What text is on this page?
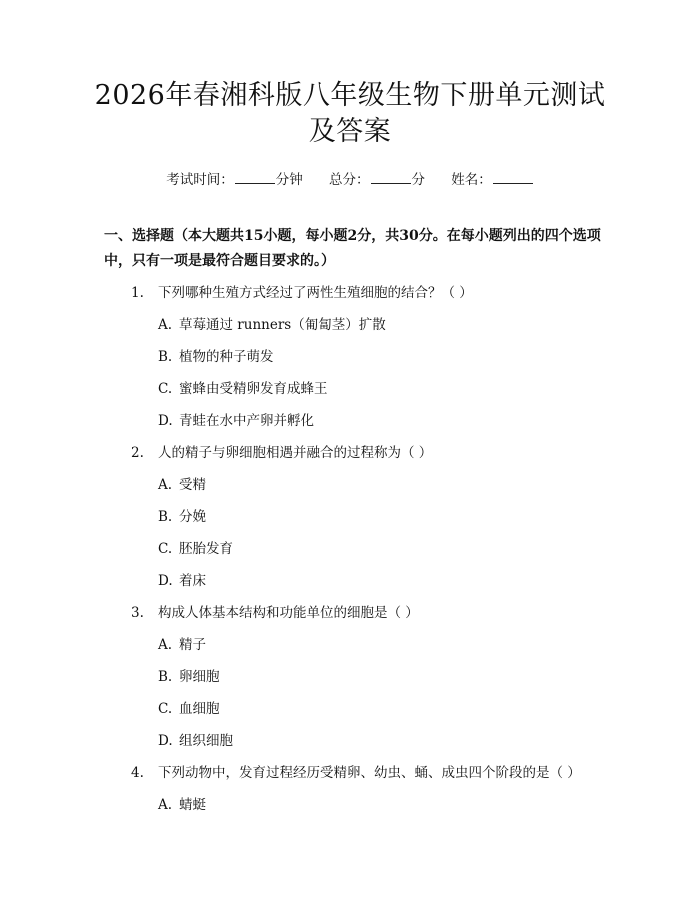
2026年春湘科版八年级生物下册单元测试及答案
考试时间：	分钟 总分：	分 姓名：
一、选择题（本大题共15小题，每小题2分，共30分。在每小题列出的四个选项中，只有一项是最符合题目要求的。）
1. 下列哪种生殖方式经过了两性生殖细胞的结合？（ ）
A. 草莓通过 runners（匍匐茎）扩散
B. 植物的种子萌发
C. 蜜蜂由受精卵发育成蜂王
D. 青蛙在水中产卵并孵化
2. 人的精子与卵细胞相遇并融合的过程称为（ ）
A. 受精
B. 分娩
C. 胚胎发育
D. 着床
3. 构成人体基本结构和功能单位的细胞是（ ）
A. 精子
B. 卵细胞
C. 血细胞
D. 组织细胞
4. 下列动物中，发育过程经历受精卵、幼虫、蛹、成虫四个阶段的是（ ）
A. 蜻蜓
